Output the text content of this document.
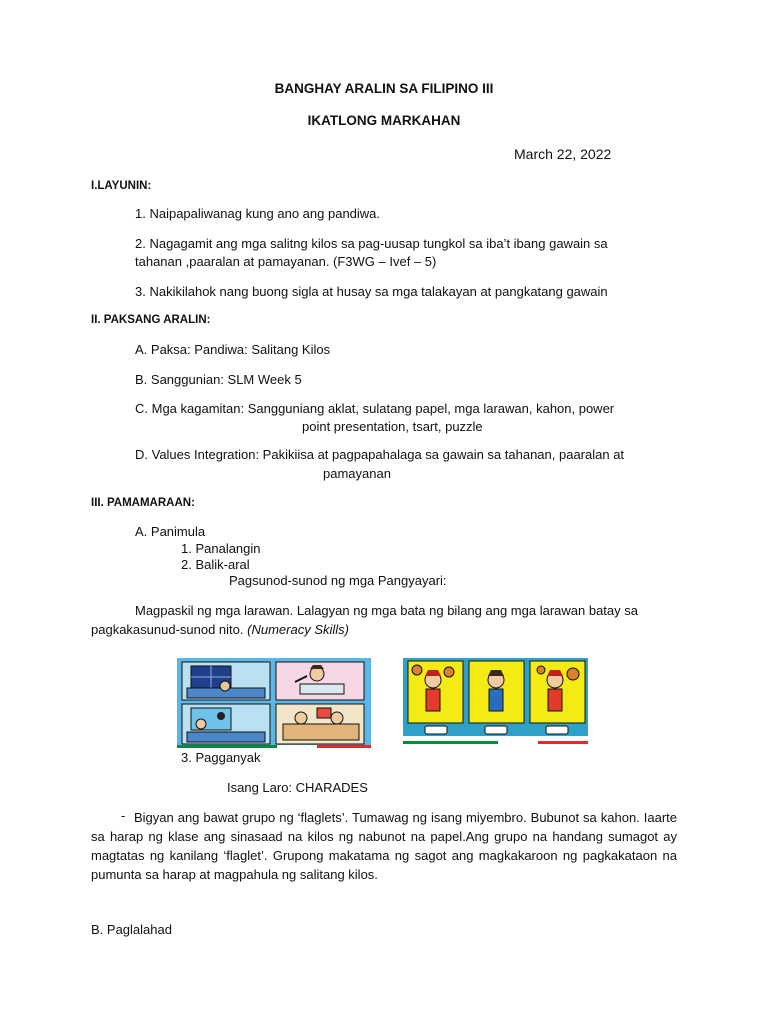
BANGHAY ARALIN SA FILIPINO III
IKATLONG MARKAHAN
March 22, 2022
I.LAYUNIN:
1. Naipapaliwanag kung ano ang pandiwa.
2. Nagagamit ang mga salitng kilos sa pag-uusap tungkol sa iba’t ibang gawain sa
tahanan ,paaralan at pamayanan. (F3WG – Ivef – 5)
3. Nakikilahok nang buong sigla at husay sa mga talakayan at pangkatang gawain
II. PAKSANG ARALIN:
A. Paksa: Pandiwa: Salitang Kilos
B. Sanggunian: SLM Week 5
C. Mga kagamitan: Sangguniang aklat, sulatang papel, mga larawan, kahon, power
point presentation, tsart, puzzle
D. Values Integration: Pakikiisa at pagpapahalaga sa gawain sa tahanan, paaralan at
pamayanan
III. PAMAMARAAN:
A. Panimula
1. Panalangin
2. Balik-aral
Pagsunod-sunod ng mga Pangyayari:
Magpaskil ng mga larawan. Lalagyan ng mga bata ng bilang ang mga larawan batay sa
pagkakasunud-sunod nito. (Numeracy Skills)
3. Pagganyak
Isang Laro: CHARADES
- Bigyan ang bawat grupo ng ‘flaglets’. Tumawag ng isang miyembro. Bubunot sa kahon. Iaarte sa harap ng klase ang sinasaad na kilos ng nabunot na papel.Ang grupo na handang sumagot ay magtatas ng kanilang ‘flaglet’. Grupong makatama ng sagot ang magkakaroon ng pagkakataon na pumunta sa harap at magpahula ng salitang kilos.
B. Paglalahad
